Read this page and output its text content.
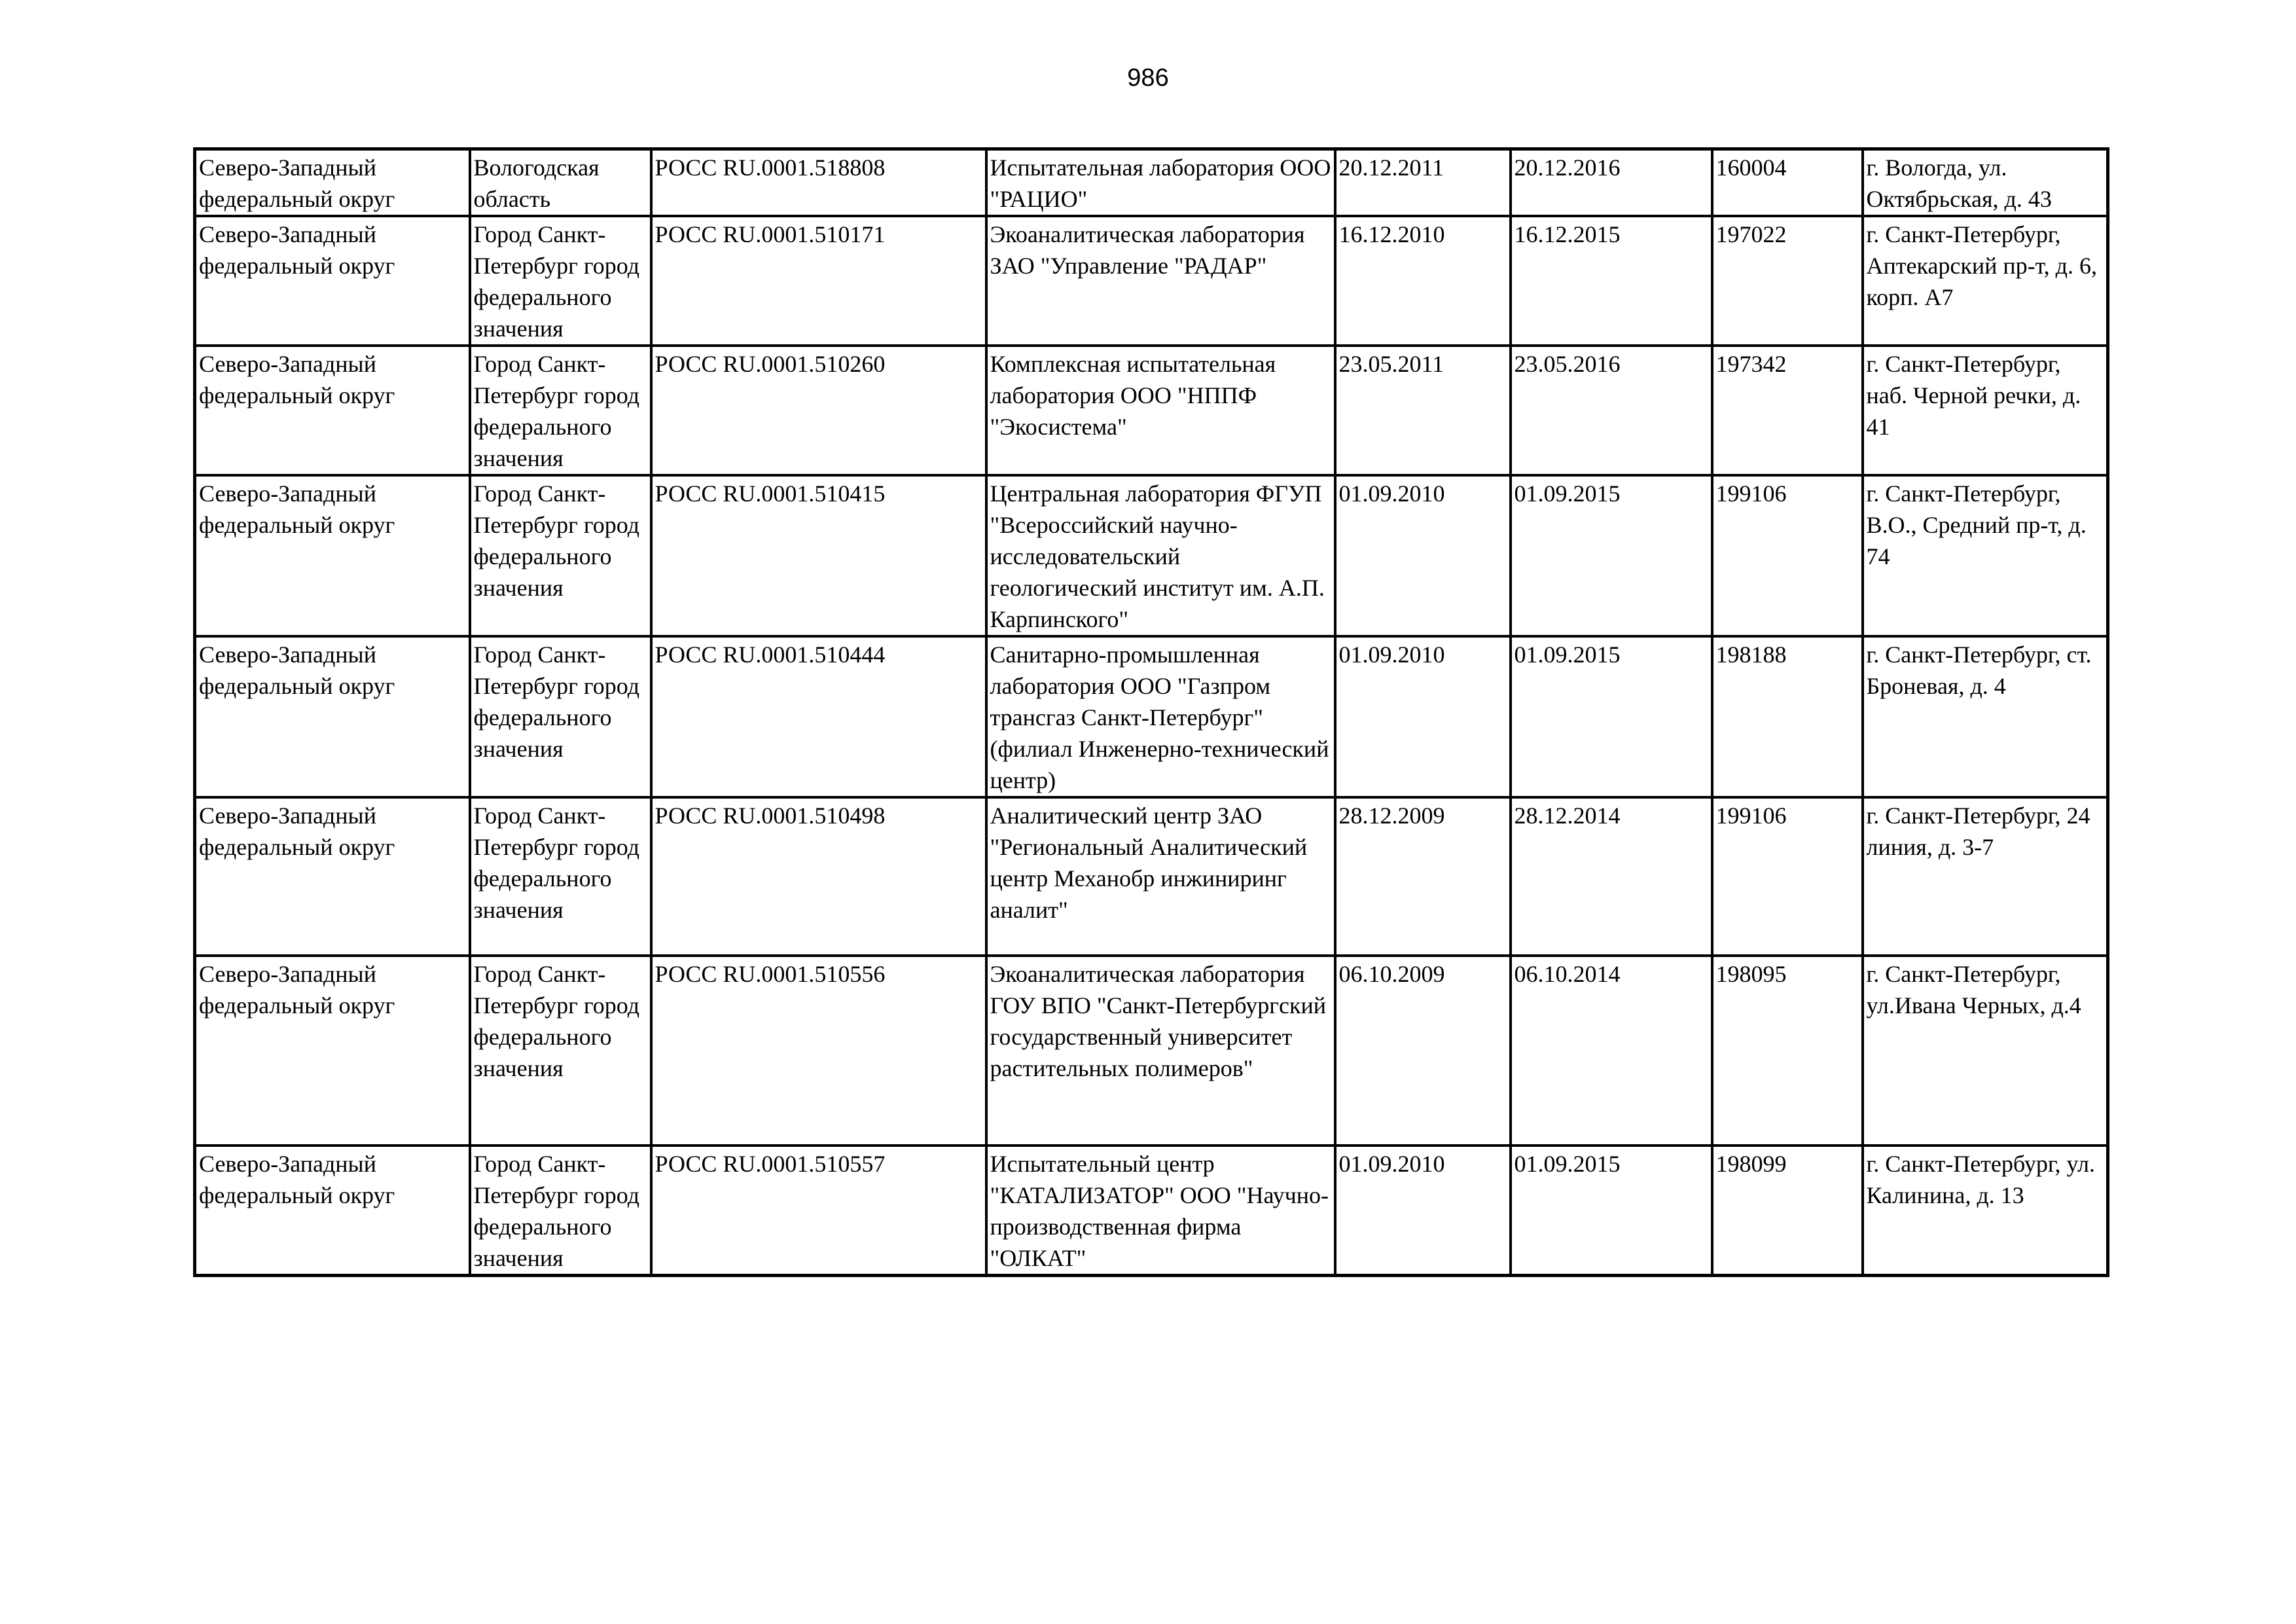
986
Северо-Западный федеральный округ	Вологодская область	РОСС RU.0001.518808	Испытательная лаборатория ООО "РАЦИО"	20.12.2011	20.12.2016	160004	г. Вологда, ул. Октябрьская, д. 43
Северо-Западный федеральный округ	Город Санкт-Петербург город федерального значения	РОСС RU.0001.510171	Экоаналитическая лаборатория ЗАО "Управление "РАДАР"	16.12.2010	16.12.2015	197022	г. Санкт-Петербург, Аптекарский пр-т, д. 6, корп. А7
Северо-Западный федеральный округ	Город Санкт-Петербург город федерального значения	РОСС RU.0001.510260	Комплексная испытательная лаборатория ООО "НППФ "Экосистема"	23.05.2011	23.05.2016	197342	г. Санкт-Петербург, наб. Черной речки, д. 41
Северо-Западный федеральный округ	Город Санкт-Петербург город федерального значения	РОСС RU.0001.510415	Центральная лаборатория ФГУП "Всероссийский научно-исследовательский геологический институт им. А.П. Карпинского"	01.09.2010	01.09.2015	199106	г. Санкт-Петербург, В.О., Средний пр-т, д. 74
Северо-Западный федеральный округ	Город Санкт-Петербург город федерального значения	РОСС RU.0001.510444	Санитарно-промышленная лаборатория ООО "Газпром трансгаз Санкт-Петербург" (филиал Инженерно-технический центр)	01.09.2010	01.09.2015	198188	г. Санкт-Петербург, ст. Броневая, д. 4
Северо-Западный федеральный округ	Город Санкт-Петербург город федерального значения	РОСС RU.0001.510498	Аналитический центр ЗАО "Региональный Аналитический центр Механобр инжиниринг аналит"	28.12.2009	28.12.2014	199106	г. Санкт-Петербург, 24 линия, д. 3-7
Северо-Западный федеральный округ	Город Санкт-Петербург город федерального значения	РОСС RU.0001.510556	Экоаналитическая лаборатория ГОУ ВПО "Санкт-Петербургский государственный университет растительных полимеров"	06.10.2009	06.10.2014	198095	г. Санкт-Петербург, ул.Ивана Черных, д.4
Северо-Западный федеральный округ	Город Санкт-Петербург город федерального значения	РОСС RU.0001.510557	Испытательный центр "КАТАЛИЗАТОР" ООО "Научно-производственная фирма "ОЛКАТ"	01.09.2010	01.09.2015	198099	г. Санкт-Петербург, ул. Калинина, д. 13
